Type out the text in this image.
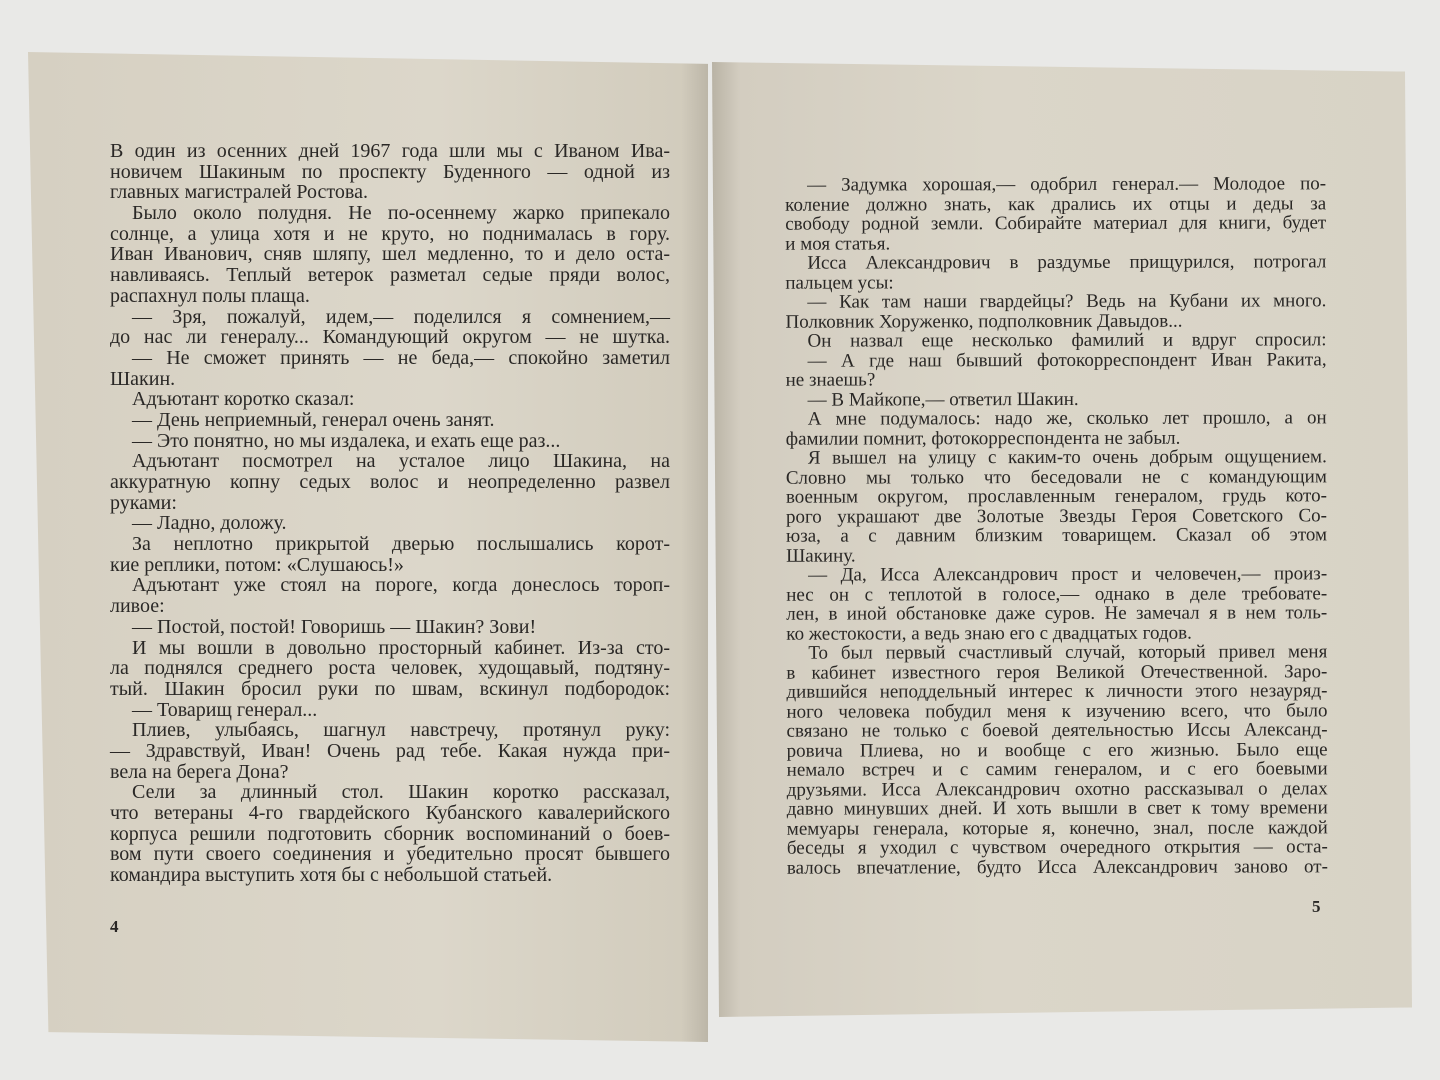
В один из осенних дней 1967 года шли мы с Иваном Ива-
новичем Шакиным по проспекту Буденного — одной из
главных магистралей Ростова.
Было около полудня. Не по-осеннему жарко припекало
солнце, а улица хотя и не круто, но поднималась в гору.
Иван Иванович, сняв шляпу, шел медленно, то и дело оста-
навливаясь. Теплый ветерок разметал седые пряди волос,
распахнул полы плаща.
— Зря, пожалуй, идем,— поделился я сомнением,—
до нас ли генералу... Командующий округом — не шутка.
— Не сможет принять — не беда,— спокойно заметил
Шакин.
Адъютант коротко сказал:
— День неприемный, генерал очень занят.
— Это понятно, но мы издалека, и ехать еще раз...
Адъютант посмотрел на усталое лицо Шакина, на
аккуратную копну седых волос и неопределенно развел
руками:
— Ладно, доложу.
За неплотно прикрытой дверью послышались корот-
кие реплики, потом: «Слушаюсь!»
Адъютант уже стоял на пороге, когда донеслось тороп-
ливое:
— Постой, постой! Говоришь — Шакин? Зови!
И мы вошли в довольно просторный кабинет. Из-за сто-
ла поднялся среднего роста человек, худощавый, подтяну-
тый. Шакин бросил руки по швам, вскинул подбородок:
— Товарищ генерал...
Плиев, улыбаясь, шагнул навстречу, протянул руку:
— Здравствуй, Иван! Очень рад тебе. Какая нужда при-
вела на берега Дона?
Сели за длинный стол. Шакин коротко рассказал,
что ветераны 4-го гвардейского Кубанского кавалерийского
корпуса решили подготовить сборник воспоминаний о боев-
вом пути своего соединения и убедительно просят бывшего
командира выступить хотя бы с небольшой статьей.
— Задумка хорошая,— одобрил генерал.— Молодое по-
коление должно знать, как дрались их отцы и деды за
свободу родной земли. Собирайте материал для книги, будет
и моя статья.
Исса Александрович в раздумье прищурился, потрогал
пальцем усы:
— Как там наши гвардейцы? Ведь на Кубани их много.
Полковник Хоруженко, подполковник Давыдов...
Он назвал еще несколько фамилий и вдруг спросил:
— А где наш бывший фотокорреспондент Иван Ракита,
не знаешь?
— В Майкопе,— ответил Шакин.
А мне подумалось: надо же, сколько лет прошло, а он
фамилии помнит, фотокорреспондента не забыл.
Я вышел на улицу с каким-то очень добрым ощущением.
Словно мы только что беседовали не с командующим
военным округом, прославленным генералом, грудь кото-
рого украшают две Золотые Звезды Героя Советского Со-
юза, а с давним близким товарищем. Сказал об этом
Шакину.
— Да, Исса Александрович прост и человечен,— произ-
нес он с теплотой в голосе,— однако в деле требовате-
лен, в иной обстановке даже суров. Не замечал я в нем толь-
ко жестокости, а ведь знаю его с двадцатых годов.
То был первый счастливый случай, который привел меня
в кабинет известного героя Великой Отечественной. Заро-
дившийся неподдельный интерес к личности этого незауряд-
ного человека побудил меня к изучению всего, что было
связано не только с боевой деятельностью Иссы Александ-
ровича Плиева, но и вообще с его жизнью. Было еще
немало встреч и с самим генералом, и с его боевыми
друзьями. Исса Александрович охотно рассказывал о делах
давно минувших дней. И хоть вышли в свет к тому времени
мемуары генерала, которые я, конечно, знал, после каждой
беседы я уходил с чувством очередного открытия — оста-
валось впечатление, будто Исса Александрович заново от-
4
5
